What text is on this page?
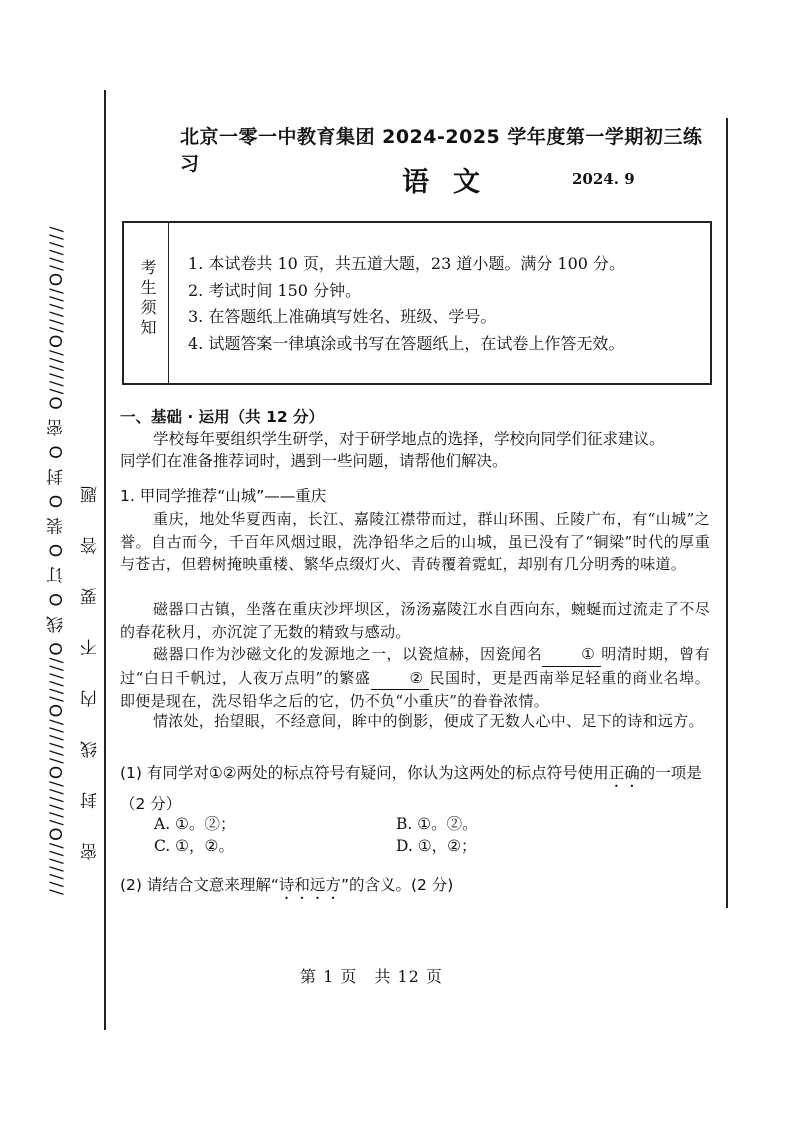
///////O//////O//////O//////O 线 O 订 O 装 O 封 O 密 O//////O//////O////// 密封线内不要答题
北京一零一中教育集团 2024-2025 学年度第一学期初三练习
语文	2024. 9
考生须知 1. 本试卷共 10 页，共五道大题，23 道小题。满分 100 分。
2. 考试时间 150 分钟。
3. 在答题纸上准确填写姓名、班级、学号。
4. 试题答案一律填涂或书写在答题纸上，在试卷上作答无效。
一、基础 · 运用（共 12 分）
学校每年要组织学生研学，对于研学地点的选择，学校向同学们征求建议。
同学们在准备推荐词时，遇到一些问题，请帮他们解决。
1. 甲同学推荐“山城”——重庆
重庆，地处华夏西南，长江、嘉陵江襟带而过，群山环围、丘陵广布，有“山城”之誉。自古而今，千百年风烟过眼，洗净铅华之后的山城，虽已没有了“铜梁”时代的厚重与苍古，但碧树掩映重楼、繁华点缀灯火、青砖覆着霓虹，却别有几分明秀的味道。
磁器口古镇，坐落在重庆沙坪坝区，汤汤嘉陵江水自西向东，蜿蜒而过流走了不尽的春花秋月，亦沉淀了无数的精致与感动。
磁器口作为沙磁文化的发源地之一，以瓷煊赫，因瓷闻名	① 明清时期，曾有过“白日千帆过，人夜万点明”的繁盛	② 民国时，更是西南举足轻重的商业名埠。即便是现在，洗尽铅华之后的它，仍不负“小重庆”的眷眷浓情。
情浓处，抬望眼，不经意间，眸中的倒影，便成了无数人心中、足下的诗和远方。
(1) 有同学对①②两处的标点符号有疑问，你认为这两处的标点符号使用正确的一项是（2 分）
A. ①。②；	B. ①。②。
C. ①，②。	D. ①，②；
(2) 请结合文意来理解“诗和远方”的含义。(2 分)
第 1 页　共 12 页
